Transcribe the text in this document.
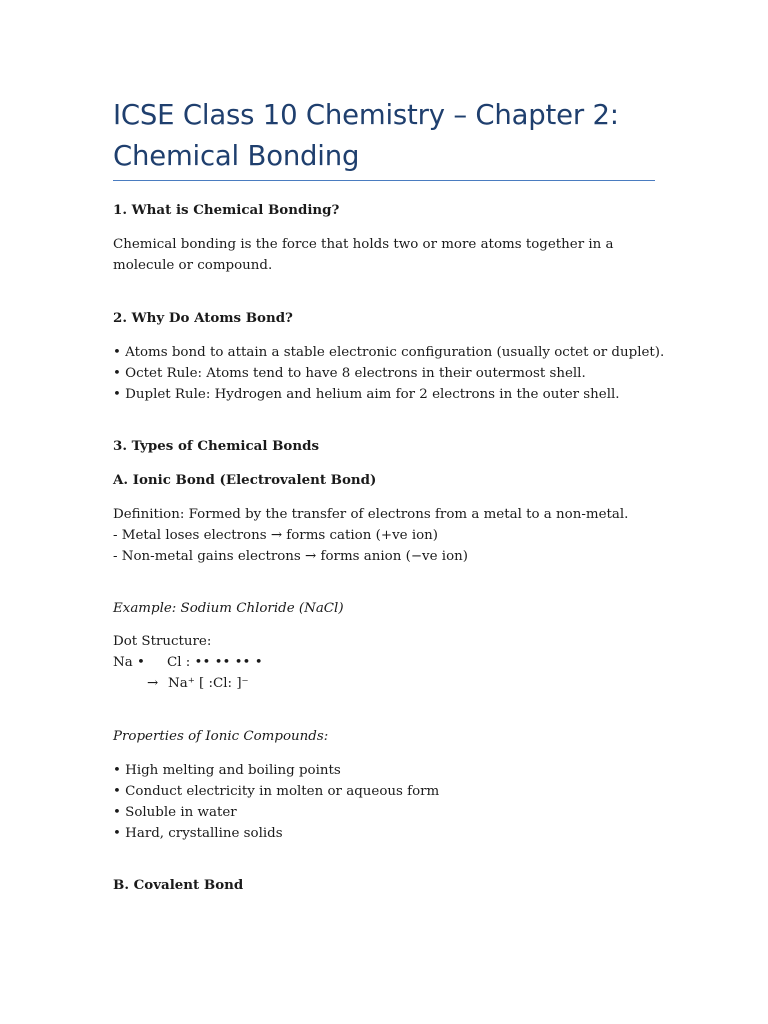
ICSE Class 10 Chemistry – Chapter 2: Chemical Bonding
1. What is Chemical Bonding?
Chemical bonding is the force that holds two or more atoms together in a molecule or compound.
2. Why Do Atoms Bond?
• Atoms bond to attain a stable electronic configuration (usually octet or duplet).
• Octet Rule: Atoms tend to have 8 electrons in their outermost shell.
• Duplet Rule: Hydrogen and helium aim for 2 electrons in the outer shell.
3. Types of Chemical Bonds
A. Ionic Bond (Electrovalent Bond)
Definition: Formed by the transfer of electrons from a metal to a non-metal.
- Metal loses electrons → forms cation (+ve ion)
- Non-metal gains electrons → forms anion (−ve ion)
Example: Sodium Chloride (NaCl)
Dot Structure:
Na • Cl : •• •• •• •
→ Na⁺ [ :Cl: ]⁻
Properties of Ionic Compounds:
• High melting and boiling points
• Conduct electricity in molten or aqueous form
• Soluble in water
• Hard, crystalline solids
B. Covalent Bond
